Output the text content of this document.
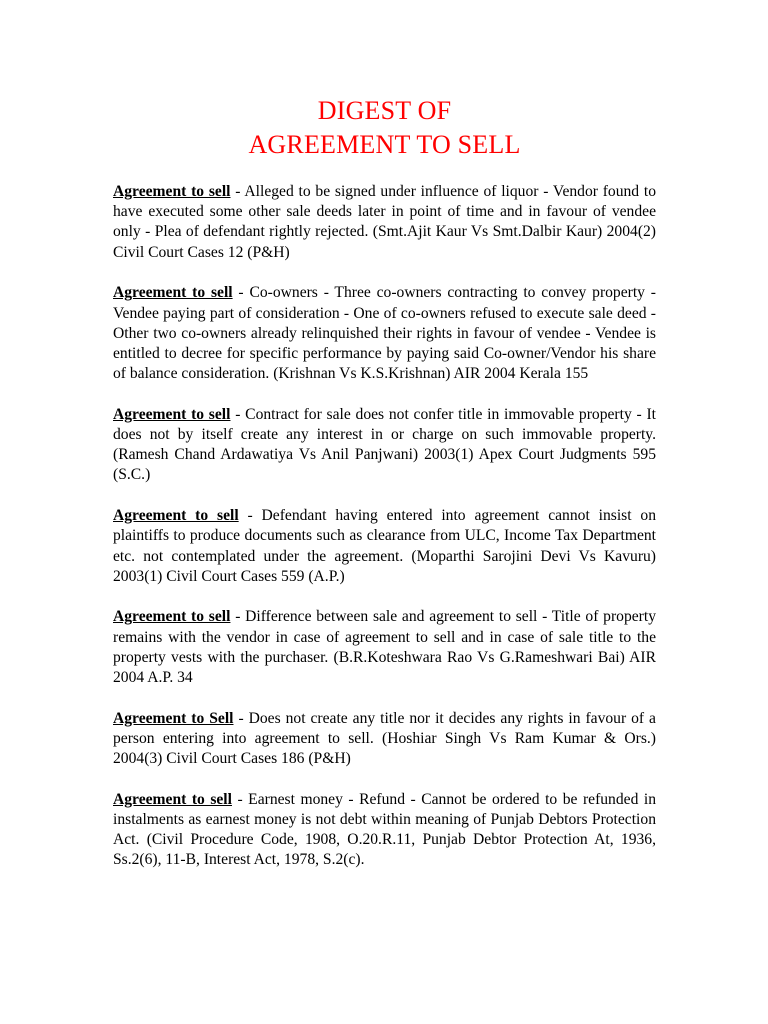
DIGEST OF
AGREEMENT TO SELL

Agreement to sell - Alleged to be signed under influence of liquor - Vendor found to have executed some other sale deeds later in point of time and in favour of vendee only - Plea of defendant rightly rejected. (Smt.Ajit Kaur Vs Smt.Dalbir Kaur) 2004(2) Civil Court Cases 12 (P&H)

Agreement to sell - Co-owners - Three co-owners contracting to convey property - Vendee paying part of consideration - One of co-owners refused to execute sale deed - Other two co-owners already relinquished their rights in favour of vendee - Vendee is entitled to decree for specific performance by paying said Co-owner/Vendor his share of balance consideration. (Krishnan Vs K.S.Krishnan) AIR 2004 Kerala 155

Agreement to sell - Contract for sale does not confer title in immovable property - It does not by itself create any interest in or charge on such immovable property. (Ramesh Chand Ardawatiya Vs Anil Panjwani) 2003(1) Apex Court Judgments 595 (S.C.)

Agreement to sell - Defendant having entered into agreement cannot insist on plaintiffs to produce documents such as clearance from ULC, Income Tax Department etc. not contemplated under the agreement. (Moparthi Sarojini Devi Vs Kavuru) 2003(1) Civil Court Cases 559 (A.P.)

Agreement to sell - Difference between sale and agreement to sell - Title of property remains with the vendor in case of agreement to sell and in case of sale title to the property vests with the purchaser. (B.R.Koteshwara Rao Vs G.Rameshwari Bai) AIR 2004 A.P. 34

Agreement to Sell - Does not create any title nor it decides any rights in favour of a person entering into agreement to sell. (Hoshiar Singh Vs Ram Kumar & Ors.) 2004(3) Civil Court Cases 186 (P&H)

Agreement to sell - Earnest money - Refund - Cannot be ordered to be refunded in instalments as earnest money is not debt within meaning of Punjab Debtors Protection Act. (Civil Procedure Code, 1908, O.20.R.11, Punjab Debtor Protection At, 1936, Ss.2(6), 11-B, Interest Act, 1978, S.2(c).
